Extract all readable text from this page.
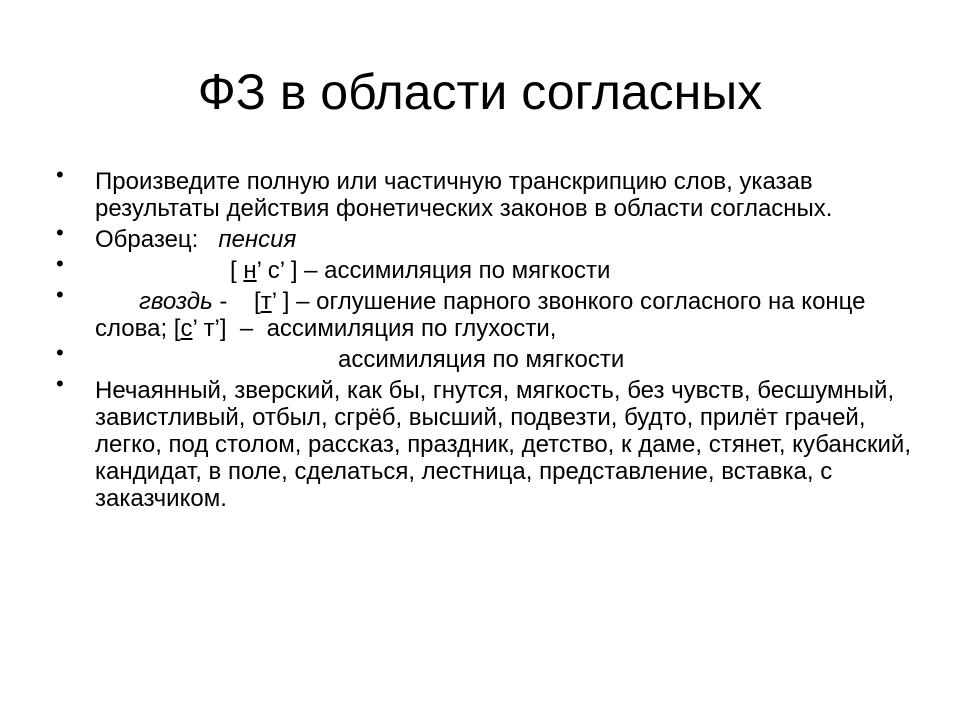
ФЗ в области согласных
• Произведите полную или частичную транскрипцию слов, указав результаты действия фонетических законов в области согласных.
• Образец: пенсия
•	[ н’ с’ ] – ассимиляция по мягкости
•	гвоздь -    [т’ ] – оглушение парного звонкого согласного на конце слова; [с’ т’]  –  ассимиляция по глухости,
•	ассимиляция по мягкости
• Нечаянный, зверский, как бы, гнутся, мягкость, без чувств, бесшумный, завистливый, отбыл, сгрёб, высший, подвезти, будто, прилёт грачей, легко, под столом, рассказ, праздник, детство, к даме, стянет, кубанский, кандидат, в поле, сделаться, лестница, представление, вставка, с заказчиком.
